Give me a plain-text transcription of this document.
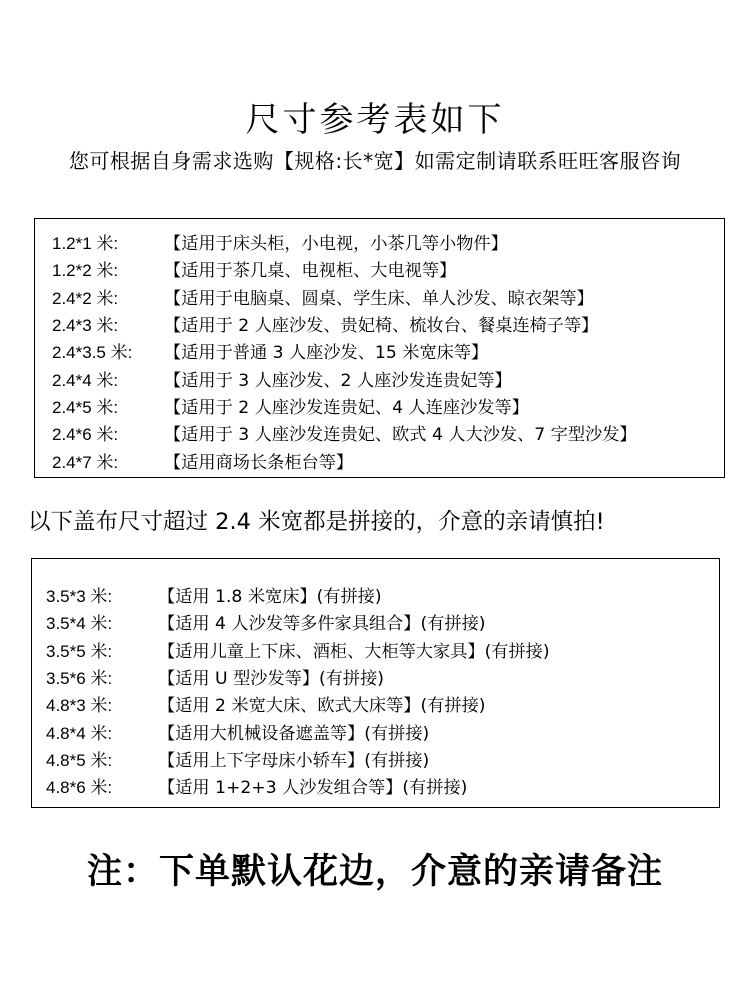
尺寸参考表如下
您可根据自身需求选购【规格:长*宽】如需定制请联系旺旺客服咨询
1.2*1 米:	【适用于床头柜，小电视，小茶几等小物件】
1.2*2 米:	【适用于茶几桌、电视柜、大电视等】
2.4*2 米:	【适用于电脑桌、圆桌、学生床、单人沙发、晾衣架等】
2.4*3 米:	【适用于 2 人座沙发、贵妃椅、梳妆台、餐桌连椅子等】
2.4*3.5 米:	【适用于普通 3 人座沙发、15 米宽床等】
2.4*4 米:	【适用于 3 人座沙发、2 人座沙发连贵妃等】
2.4*5 米:	【适用于 2 人座沙发连贵妃、4 人连座沙发等】
2.4*6 米:	【适用于 3 人座沙发连贵妃、欧式 4 人大沙发、7 字型沙发】
2.4*7 米:	【适用商场长条柜台等】
以下盖布尺寸超过 2.4 米宽都是拼接的，介意的亲请慎拍!
3.5*3 米:	【适用 1.8 米宽床】(有拼接)
3.5*4 米:	【适用 4 人沙发等多件家具组合】(有拼接)
3.5*5 米:	【适用儿童上下床、酒柜、大柜等大家具】(有拼接)
3.5*6 米:	【适用 U 型沙发等】(有拼接)
4.8*3 米:	【适用 2 米宽大床、欧式大床等】(有拼接)
4.8*4 米:	【适用大机械设备遮盖等】(有拼接)
4.8*5 米:	【适用上下字母床小轿车】(有拼接)
4.8*6 米:	【适用 1+2+3 人沙发组合等】(有拼接)
注：下单默认花边，介意的亲请备注
